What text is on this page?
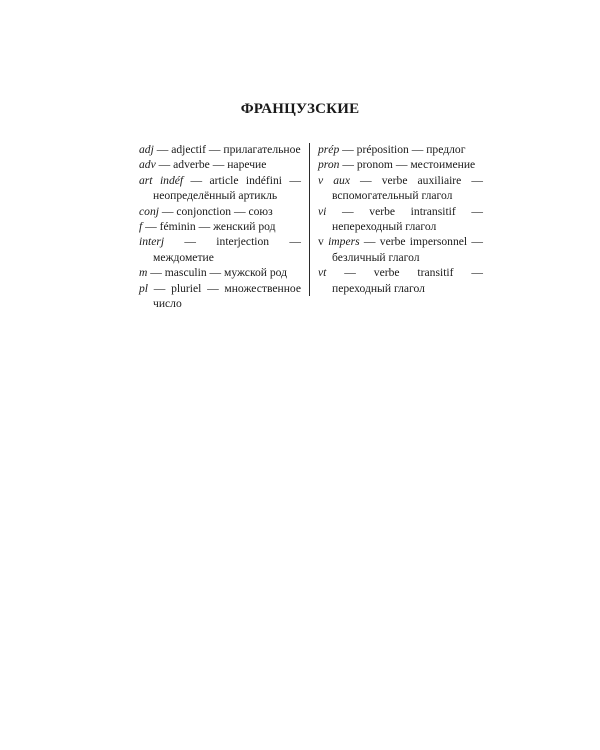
ФРАНЦУЗСКИЕ
adj — adjectif — прилагательное
adv — adverbe — наречие
art indéf — article indéfini — неопределённый артикль
conj — conjonction — союз
f — féminin — женский род
interj — interjection — междометие
m — masculin — мужской род
pl — pluriel — множественное число
prép — préposition — предлог
pron — pronom — местоимение
v aux — verbe auxiliaire — вспомогательный глагол
vi — verbe intransitif — непереходный глагол
v impers — verbe impersonnel — безличный глагол
vt — verbe transitif — переходный глагол
